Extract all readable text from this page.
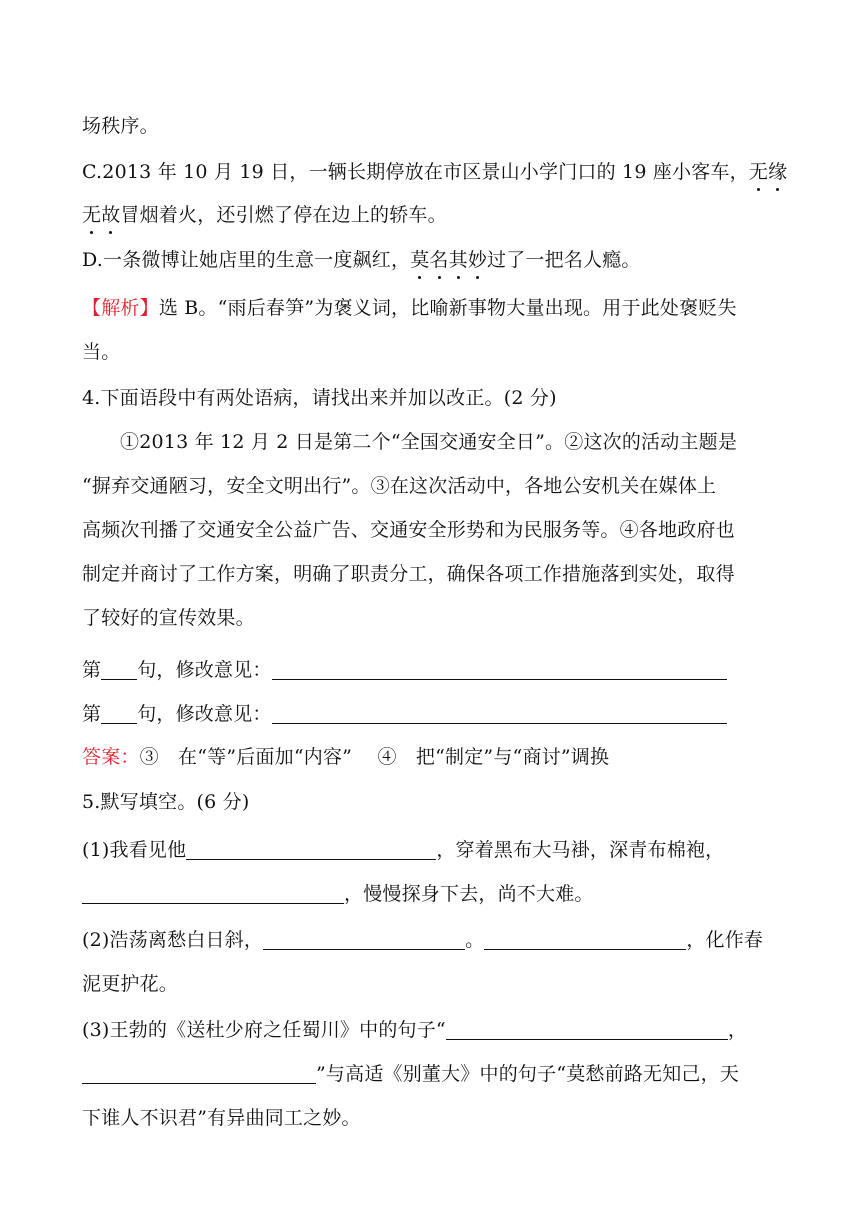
场秩序。
C.2013 年 10 月 19 日，一辆长期停放在市区景山小学门口的 19 座小客车，无缘
无故冒烟着火，还引燃了停在边上的轿车。
D.一条微博让她店里的生意一度飙红，莫名其妙过了一把名人瘾。
【解析】选 B。“雨后春笋”为褒义词，比喻新事物大量出现。用于此处褒贬失
当。
4.下面语段中有两处语病，请找出来并加以改正。(2 分)
①2013 年 12 月 2 日是第二个“全国交通安全日”。②这次的活动主题是
“摒弃交通陋习，安全文明出行”。③在这次活动中，各地公安机关在媒体上
高频次刊播了交通安全公益广告、交通安全形势和为民服务等。④各地政府也
制定并商讨了工作方案，明确了职责分工，确保各项工作措施落到实处，取得
了较好的宣传效果。
第 句，修改意见：
第 句，修改意见：
答案：③　在“等”后面加“内容”　 ④　把“制定”与“商讨”调换
5.默写填空。(6 分)
(1)我看见他	，穿着黑布大马褂，深青布棉袍，
，慢慢探身下去，尚不大难。
(2)浩荡离愁白日斜，	。	，化作春
泥更护花。
(3)王勃的《送杜少府之任蜀川》中的句子“	，
”与高适《别董大》中的句子“莫愁前路无知己，天
下谁人不识君”有异曲同工之妙。
